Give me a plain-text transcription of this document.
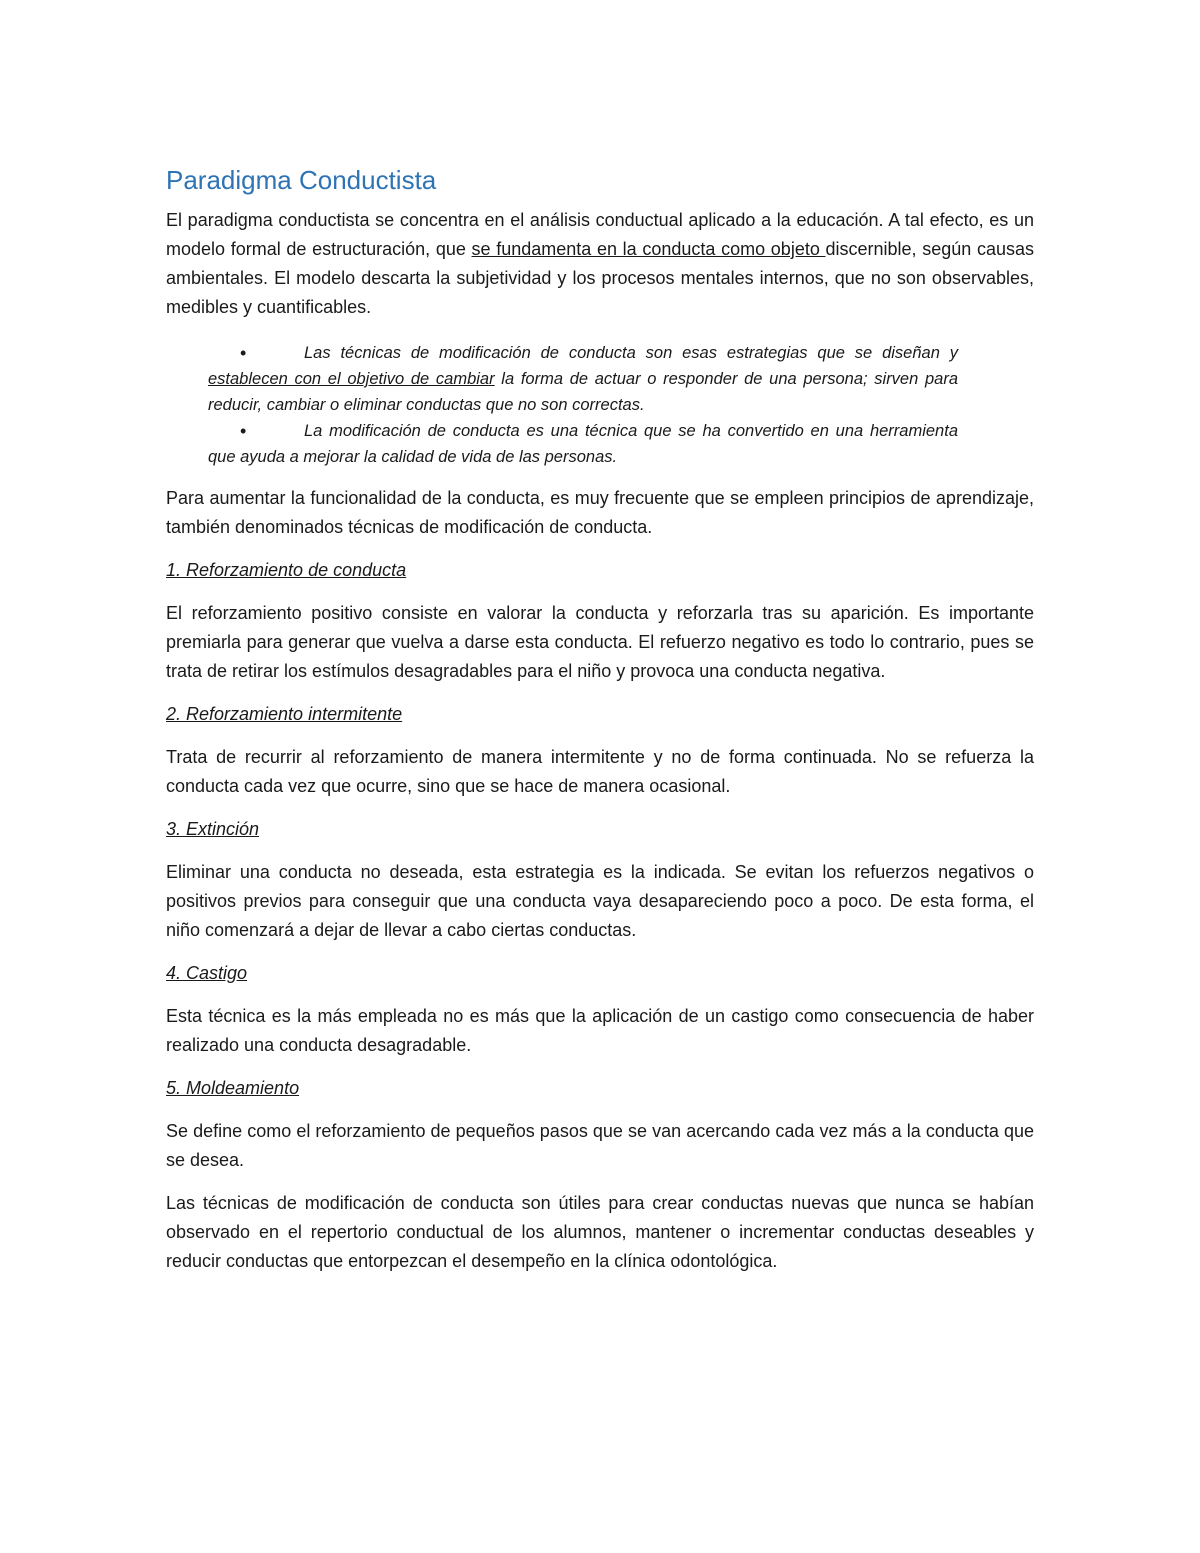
Paradigma Conductista

El paradigma conductista se concentra en el análisis conductual aplicado a la educación. A tal efecto, es un modelo formal de estructuración, que se fundamenta en la conducta como objeto discernible, según causas ambientales. El modelo descarta la subjetividad y los procesos mentales internos, que no son observables, medibles y cuantificables.

•	Las técnicas de modificación de conducta son esas estrategias que se diseñan y establecen con el objetivo de cambiar la forma de actuar o responder de una persona; sirven para reducir, cambiar o eliminar conductas que no son correctas.
•	La modificación de conducta es una técnica que se ha convertido en una herramienta que ayuda a mejorar la calidad de vida de las personas.

Para aumentar la funcionalidad de la conducta, es muy frecuente que se empleen principios de aprendizaje, también denominados técnicas de modificación de conducta.

1. Reforzamiento de conducta

El reforzamiento positivo consiste en valorar la conducta y reforzarla tras su aparición. Es importante premiarla para generar que vuelva a darse esta conducta. El refuerzo negativo es todo lo contrario, pues se trata de retirar los estímulos desagradables para el niño y provoca una conducta negativa.

2. Reforzamiento intermitente

Trata de recurrir al reforzamiento de manera intermitente y no de forma continuada. No se refuerza la conducta cada vez que ocurre, sino que se hace de manera ocasional.

3. Extinción

Eliminar una conducta no deseada, esta estrategia es la indicada. Se evitan los refuerzos negativos o positivos previos para conseguir que una conducta vaya desapareciendo poco a poco. De esta forma, el niño comenzará a dejar de llevar a cabo ciertas conductas.

4. Castigo

Esta técnica es la más empleada no es más que la aplicación de un castigo como consecuencia de haber realizado una conducta desagradable.

5. Moldeamiento

Se define como el reforzamiento de pequeños pasos que se van acercando cada vez más a la conducta que se desea.

Las técnicas de modificación de conducta son útiles para crear conductas nuevas que nunca se habían observado en el repertorio conductual de los alumnos, mantener o incrementar conductas deseables y reducir conductas que entorpezcan el desempeño en la clínica odontológica.
